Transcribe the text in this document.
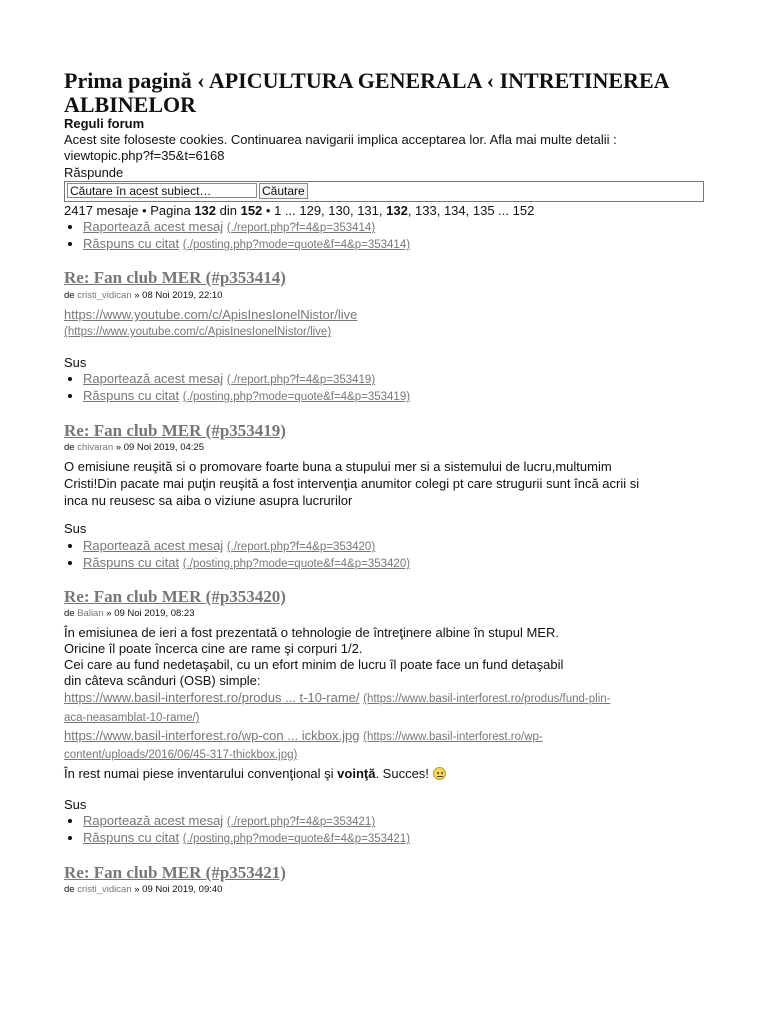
Prima pagină ‹ APICULTURA GENERALA ‹ INTRETINEREA ALBINELOR
Reguli forum
Acest site foloseste cookies. Continuarea navigarii implica acceptarea lor. Afla mai multe detalii :
viewtopic.php?f=35&t=6168
Răspunde
Căutare în acest subiect…
Căutare
2417 mesaje • Pagina 132 din 152 • 1 ... 129, 130, 131, 132, 133, 134, 135 ... 152
• Raportează acest mesaj (./report.php?f=4&p=353414)
• Răspuns cu citat (./posting.php?mode=quote&f=4&p=353414)
Re: Fan club MER (#p353414)
de cristi_vidican » 08 Noi 2019, 22:10
https://www.youtube.com/c/ApisInesIonelNistor/live
(https://www.youtube.com/c/ApisInesIonelNistor/live)
Sus
• Raportează acest mesaj (./report.php?f=4&p=353419)
• Răspuns cu citat (./posting.php?mode=quote&f=4&p=353419)
Re: Fan club MER (#p353419)
de chivaran » 09 Noi 2019, 04:25
O emisiune reuşită si o promovare foarte buna a stupului mer si a sistemului de lucru,multumim
Cristi!Din pacate mai puţin reuşită a fost intervenţia anumitor colegi pt care strugurii sunt încă acrii si
inca nu reusesc sa aiba o viziune asupra lucrurilor
Sus
• Raportează acest mesaj (./report.php?f=4&p=353420)
• Răspuns cu citat (./posting.php?mode=quote&f=4&p=353420)
Re: Fan club MER (#p353420)
de Balian » 09 Noi 2019, 08:23
În emisiunea de ieri a fost prezentată o tehnologie de întreţinere albine în stupul MER.
Oricine îl poate încerca cine are rame şi corpuri 1/2.
Cei care au fund nedetaşabil, cu un efort minim de lucru îl poate face un fund detaşabil
din câteva scânduri (OSB) simple:
https://www.basil-interforest.ro/produs ... t-10-rame/ (https://www.basil-interforest.ro/produs/fund-plin-
aca-neasamblat-10-rame/)
https://www.basil-interforest.ro/wp-con ... ickbox.jpg (https://www.basil-interforest.ro/wp-
content/uploads/2016/06/45-317-thickbox.jpg)
În rest numai piese inventarului convenţional şi voinţă. Succes!
Sus
• Raportează acest mesaj (./report.php?f=4&p=353421)
• Răspuns cu citat (./posting.php?mode=quote&f=4&p=353421)
Re: Fan club MER (#p353421)
de cristi_vidican » 09 Noi 2019, 09:40
